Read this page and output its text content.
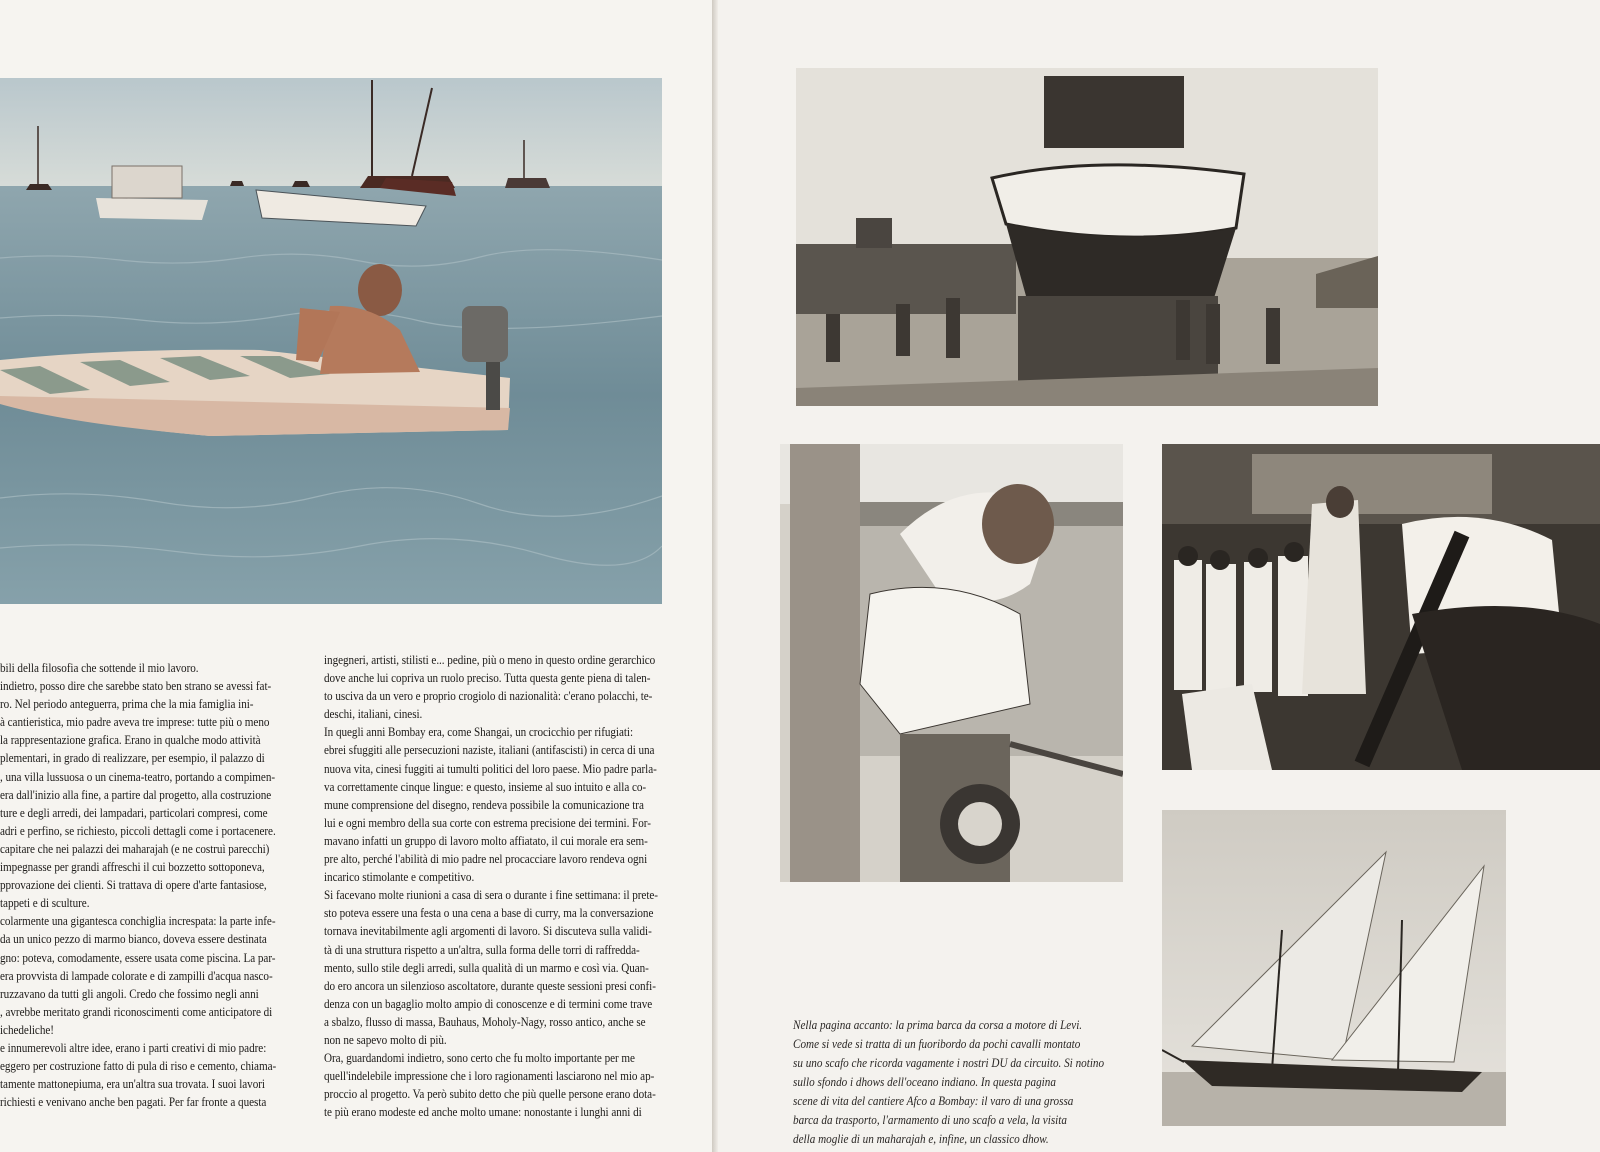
bili della filosofia che sottende il mio lavoro.

indietro, posso dire che sarebbe stato ben strano se avessi fat-

ro. Nel periodo anteguerra, prima che la mia famiglia ini-

à cantieristica, mio padre aveva tre imprese: tutte più o meno

la rappresentazione grafica. Erano in qualche modo attività

plementari, in grado di realizzare, per esempio, il palazzo di

, una villa lussuosa o un cinema-teatro, portando a compimen-

era dall'inizio alla fine, a partire dal progetto, alla costruzione

ture e degli arredi, dei lampadari, particolari compresi, come

adri e perfino, se richiesto, piccoli dettagli come i portacenere.

capitare che nei palazzi dei maharajah (e ne costruì parecchi)

impegnasse per grandi affreschi il cui bozzetto sottoponeva,

pprovazione dei clienti. Si trattava di opere d'arte fantasiose,

tappeti e di sculture.

colarmente una gigantesca conchiglia increspata: la parte infe-

da un unico pezzo di marmo bianco, doveva essere destinata

gno: poteva, comodamente, essere usata come piscina. La par-

era provvista di lampade colorate e di zampilli d'acqua nasco-

ruzzavano da tutti gli angoli. Credo che fossimo negli anni

, avrebbe meritato grandi riconoscimenti come anticipatore di

ichedeliche!

e innumerevoli altre idee, erano i parti creativi di mio padre:

eggero per costruzione fatto di pula di riso e cemento, chiama-

tamente mattonepiuma, era un'altra sua trovata. I suoi lavori

richiesti e venivano anche ben pagati. Per far fronte a questa

ingegneri, artisti, stilisti e... pedine, più o meno in questo ordine gerarchico

dove anche lui copriva un ruolo preciso. Tutta questa gente piena di talen-

to usciva da un vero e proprio crogiolo di nazionalità: c'erano polacchi, te-

deschi, italiani, cinesi.

In quegli anni Bombay era, come Shangai, un crocicchio per rifugiati:

ebrei sfuggiti alle persecuzioni naziste, italiani (antifascisti) in cerca di una

nuova vita, cinesi fuggiti ai tumulti politici del loro paese. Mio padre parla-

va correttamente cinque lingue: e questo, insieme al suo intuito e alla co-

mune comprensione del disegno, rendeva possibile la comunicazione tra

lui e ogni membro della sua corte con estrema precisione dei termini. For-

mavano infatti un gruppo di lavoro molto affiatato, il cui morale era sem-

pre alto, perché l'abilità di mio padre nel procacciare lavoro rendeva ogni

incarico stimolante e competitivo.

Si facevano molte riunioni a casa di sera o durante i fine settimana: il prete-

sto poteva essere una festa o una cena a base di curry, ma la conversazione

tornava inevitabilmente agli argomenti di lavoro. Si discuteva sulla validi-

tà di una struttura rispetto a un'altra, sulla forma delle torri di raffredda-

mento, sullo stile degli arredi, sulla qualità di un marmo e così via. Quan-

do ero ancora un silenzioso ascoltatore, durante queste sessioni presi confi-

denza con un bagaglio molto ampio di conoscenze e di termini come trave

a sbalzo, flusso di massa, Bauhaus, Moholy-Nagy, rosso antico, anche se

non ne sapevo molto di più.

Ora, guardandomi indietro, sono certo che fu molto importante per me

quell'indelebile impressione che i loro ragionamenti lasciarono nel mio ap-

proccio al progetto. Va però subito detto che più quelle persone erano dota-

te più erano modeste ed anche molto umane: nonostante i lunghi anni di

Nella pagina accanto: la prima barca da corsa a motore di Levi.

Come si vede si tratta di un fuoribordo da pochi cavalli montato

su uno scafo che ricorda vagamente i nostri DU da circuito. Si notino

sullo sfondo i dhows dell'oceano indiano. In questa pagina

scene di vita del cantiere Afco a Bombay: il varo di una grossa

barca da trasporto, l'armamento di uno scafo a vela, la visita

della moglie di un maharajah e, infine, un classico dhow.
